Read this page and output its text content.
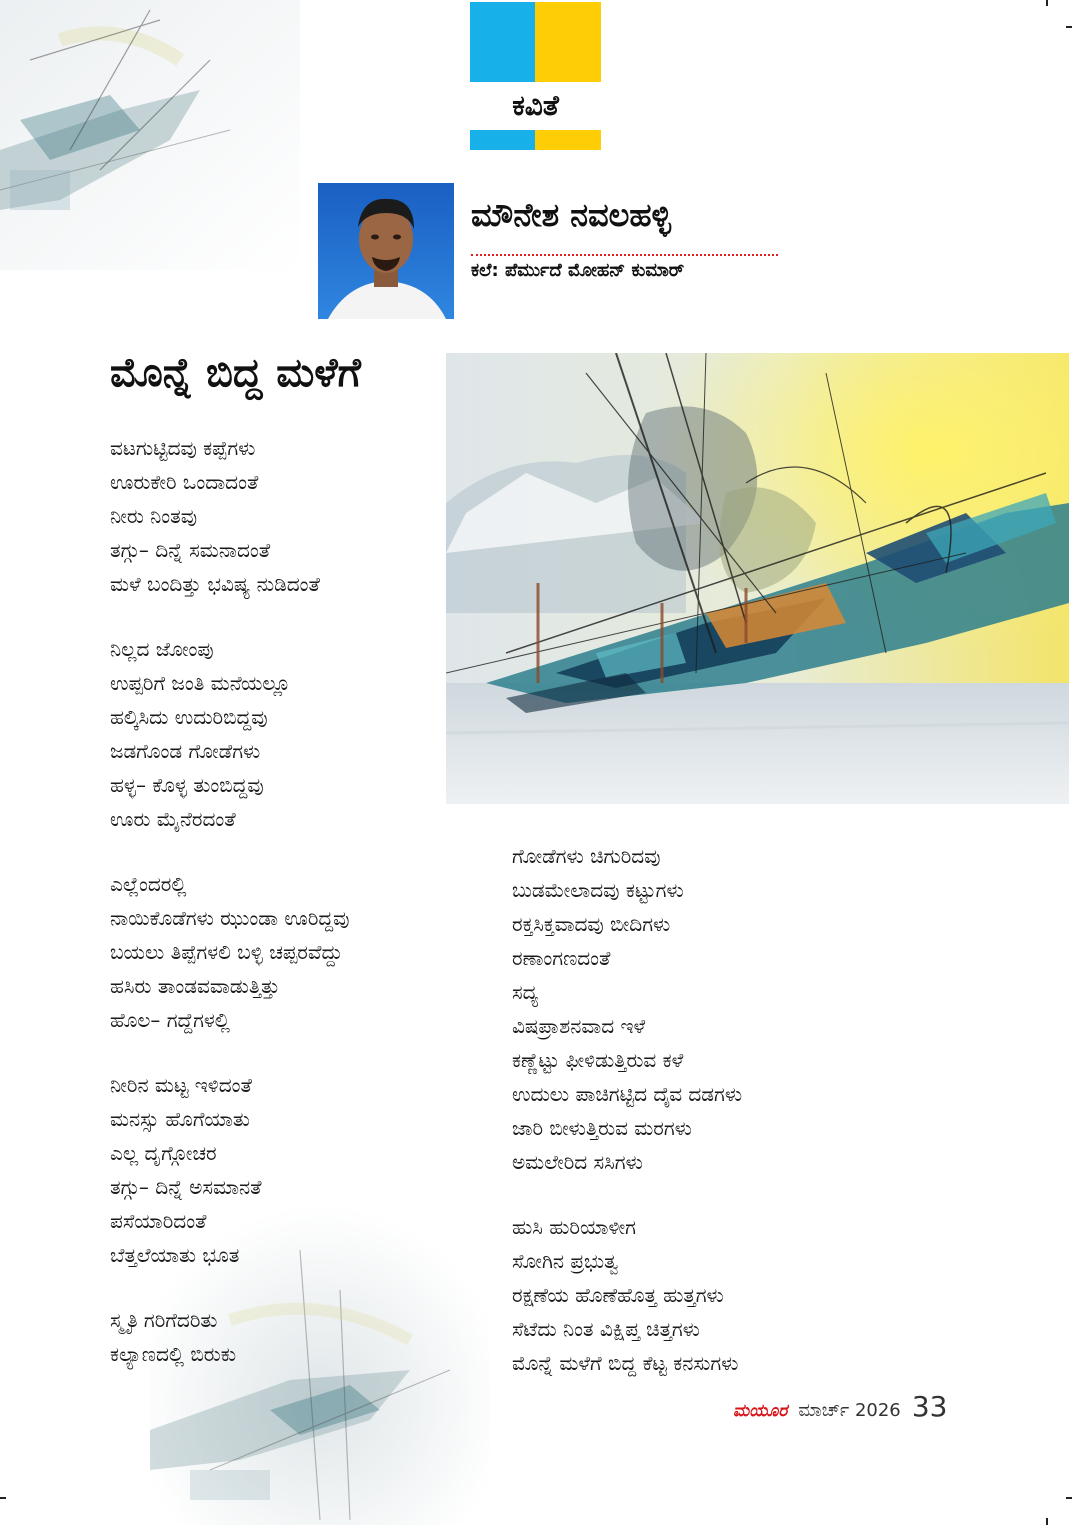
ಕವಿತೆ
ಮೌನೇಶ ನವಲಹಳ್ಳಿ
ಕಲೆ: ಪೆರ್ಮುದೆ ಮೋಹನ್ ಕುಮಾರ್
ಮೊನ್ನೆ ಬಿದ್ದ ಮಳೆಗೆ
ವಟಗುಟ್ಟಿದವು ಕಪ್ಪೆಗಳು
ಊರುಕೇರಿ ಒಂದಾದಂತೆ
ನೀರು ನಿಂತವು
ತಗ್ಗು– ದಿನ್ನೆ ಸಮನಾದಂತೆ
ಮಳೆ ಬಂದಿತ್ತು ಭವಿಷ್ಯ ನುಡಿದಂತೆ
ನಿಲ್ಲದ ಜೋಂಪು
ಉಪ್ಪರಿಗೆ ಜಂತಿ ಮನೆಯಲ್ಲೂ
ಹಲ್ಕಿಸಿದು ಉದುರಿಬಿದ್ದವು
ಜಡಗೊಂಡ ಗೋಡೆಗಳು
ಹಳ್ಳ– ಕೊಳ್ಳ ತುಂಬಿದ್ದವು
ಊರು ಮೈನೆರದಂತೆ
ಎಲ್ಲೆಂದರಲ್ಲಿ
ನಾಯಿಕೊಡೆಗಳು ಝುಂಡಾ ಊರಿದ್ದವು
ಬಯಲು ತಿಪ್ಪೆಗಳಲಿ ಬಳ್ಳಿ ಚಪ್ಪರವೆದ್ದು
ಹಸಿರು ತಾಂಡವವಾಡುತ್ತಿತ್ತು
ಹೊಲ– ಗದ್ದೆಗಳಲ್ಲಿ
ನೀರಿನ ಮಟ್ಟ ಇಳಿದಂತೆ
ಮನಸ್ಸು ಹೊಗೆಯಾತು
ಎಲ್ಲ ದೃಗ್ಗೋಚರ
ತಗ್ಗು– ದಿನ್ನೆ ಅಸಮಾನತೆ
ಪಸೆಯಾರಿದಂತೆ
ಬೆತ್ತಲೆಯಾತು ಭೂತ
ಸ್ಮೃತಿ ಗರಿಗೆದರಿತು
ಕಲ್ಯಾಣದಲ್ಲಿ ಬಿರುಕು
ಗೋಡೆಗಳು ಚಿಗುರಿದವು
ಬುಡಮೇಲಾದವು ಕಟ್ಟುಗಳು
ರಕ್ತಸಿಕ್ತವಾದವು ಬೀದಿಗಳು
ರಣಾಂಗಣದಂತೆ
ಸದ್ಯ
ವಿಷಪ್ರಾಶನವಾದ ಇಳೆ
ಕಣ್ಣೆಟ್ಟು ಫೀಳಿಡುತ್ತಿರುವ ಕಳೆ
ಉದುಲು ಪಾಚಿಗಟ್ಟಿದ ದೈವ ದಡಗಳು
ಜಾರಿ ಬೀಳುತ್ತಿರುವ ಮರಗಳು
ಅಮಲೇರಿದ ಸಸಿಗಳು
ಹುಸಿ ಹುರಿಯಾಳೀಗ
ಸೋಗಿನ ಪ್ರಭುತ್ವ
ರಕ್ಷಣೆಯ ಹೊಣೆಹೊತ್ತ ಹುತ್ತಗಳು
ಸೆಟೆದು ನಿಂತ ವಿಕ್ಷಿಪ್ತ ಚಿತ್ತಗಳು
ಮೊನ್ನೆ ಮಳೆಗೆ ಬಿದ್ದ ಕೆಟ್ಟ ಕನಸುಗಳು
ಮಯೂರ ಮಾರ್ಚ್ 2026 33
